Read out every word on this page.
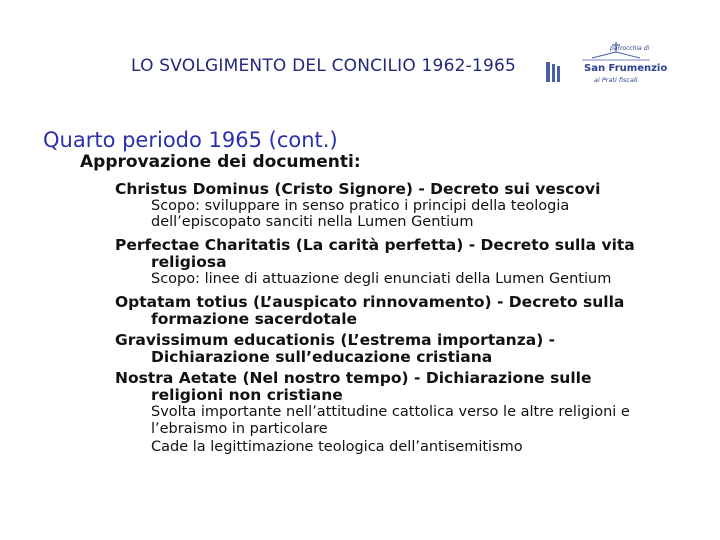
LO SVOLGIMENTO DEL CONCILIO 1962-1965
parrocchia di
San Frumenzio
ai Prati fiscali
Quarto periodo 1965 (cont.)
Approvazione dei documenti:
Christus Dominus (Cristo Signore) - Decreto sui vescovi
Scopo: sviluppare in senso pratico i principi della teologia
dell’episcopato sanciti nella Lumen Gentium
Perfectae Charitatis (La carità perfetta) - Decreto sulla vita
religiosa
Scopo: linee di attuazione degli enunciati della Lumen Gentium
Optatam totius (L’auspicato rinnovamento) - Decreto sulla
formazione sacerdotale
Gravissimum educationis (L’estrema importanza) -
Dichiarazione sull’educazione cristiana
Nostra Aetate (Nel nostro tempo) - Dichiarazione sulle
religioni non cristiane
Svolta importante nell’attitudine cattolica verso le altre religioni e
l’ebraismo in particolare
Cade la legittimazione teologica dell’antisemitismo
